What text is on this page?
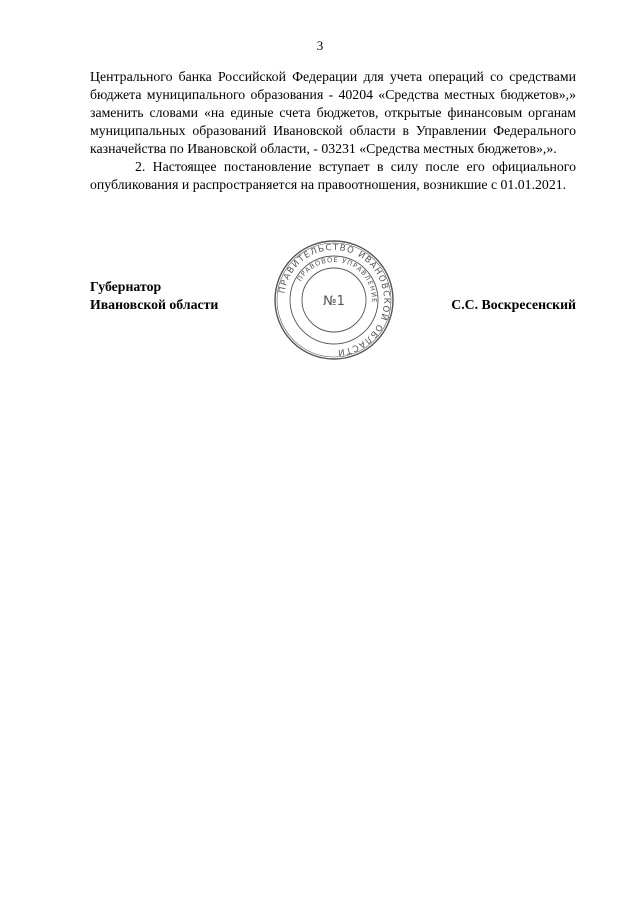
3

Центрального банка Российской Федерации для учета операций со средствами бюджета муниципального образования - 40204 «Средства местных бюджетов»,» заменить словами «на единые счета бюджетов, открытые финансовым органам муниципальных образований Ивановской области в Управлении Федерального казначейства по Ивановской области, - 03231 «Средства местных бюджетов»,».

2. Настоящее постановление вступает в силу после его официального опубликования и распространяется на правоотношения, возникшие с 01.01.2021.

Губернатор
Ивановской области
ПРАВИТЕЛЬСТВО ИВАНОВСКОЙ ОБЛАСТИ
ПРАВОВОЕ УПРАВЛЕНИЕ
№1	С.С. Воскресенский
